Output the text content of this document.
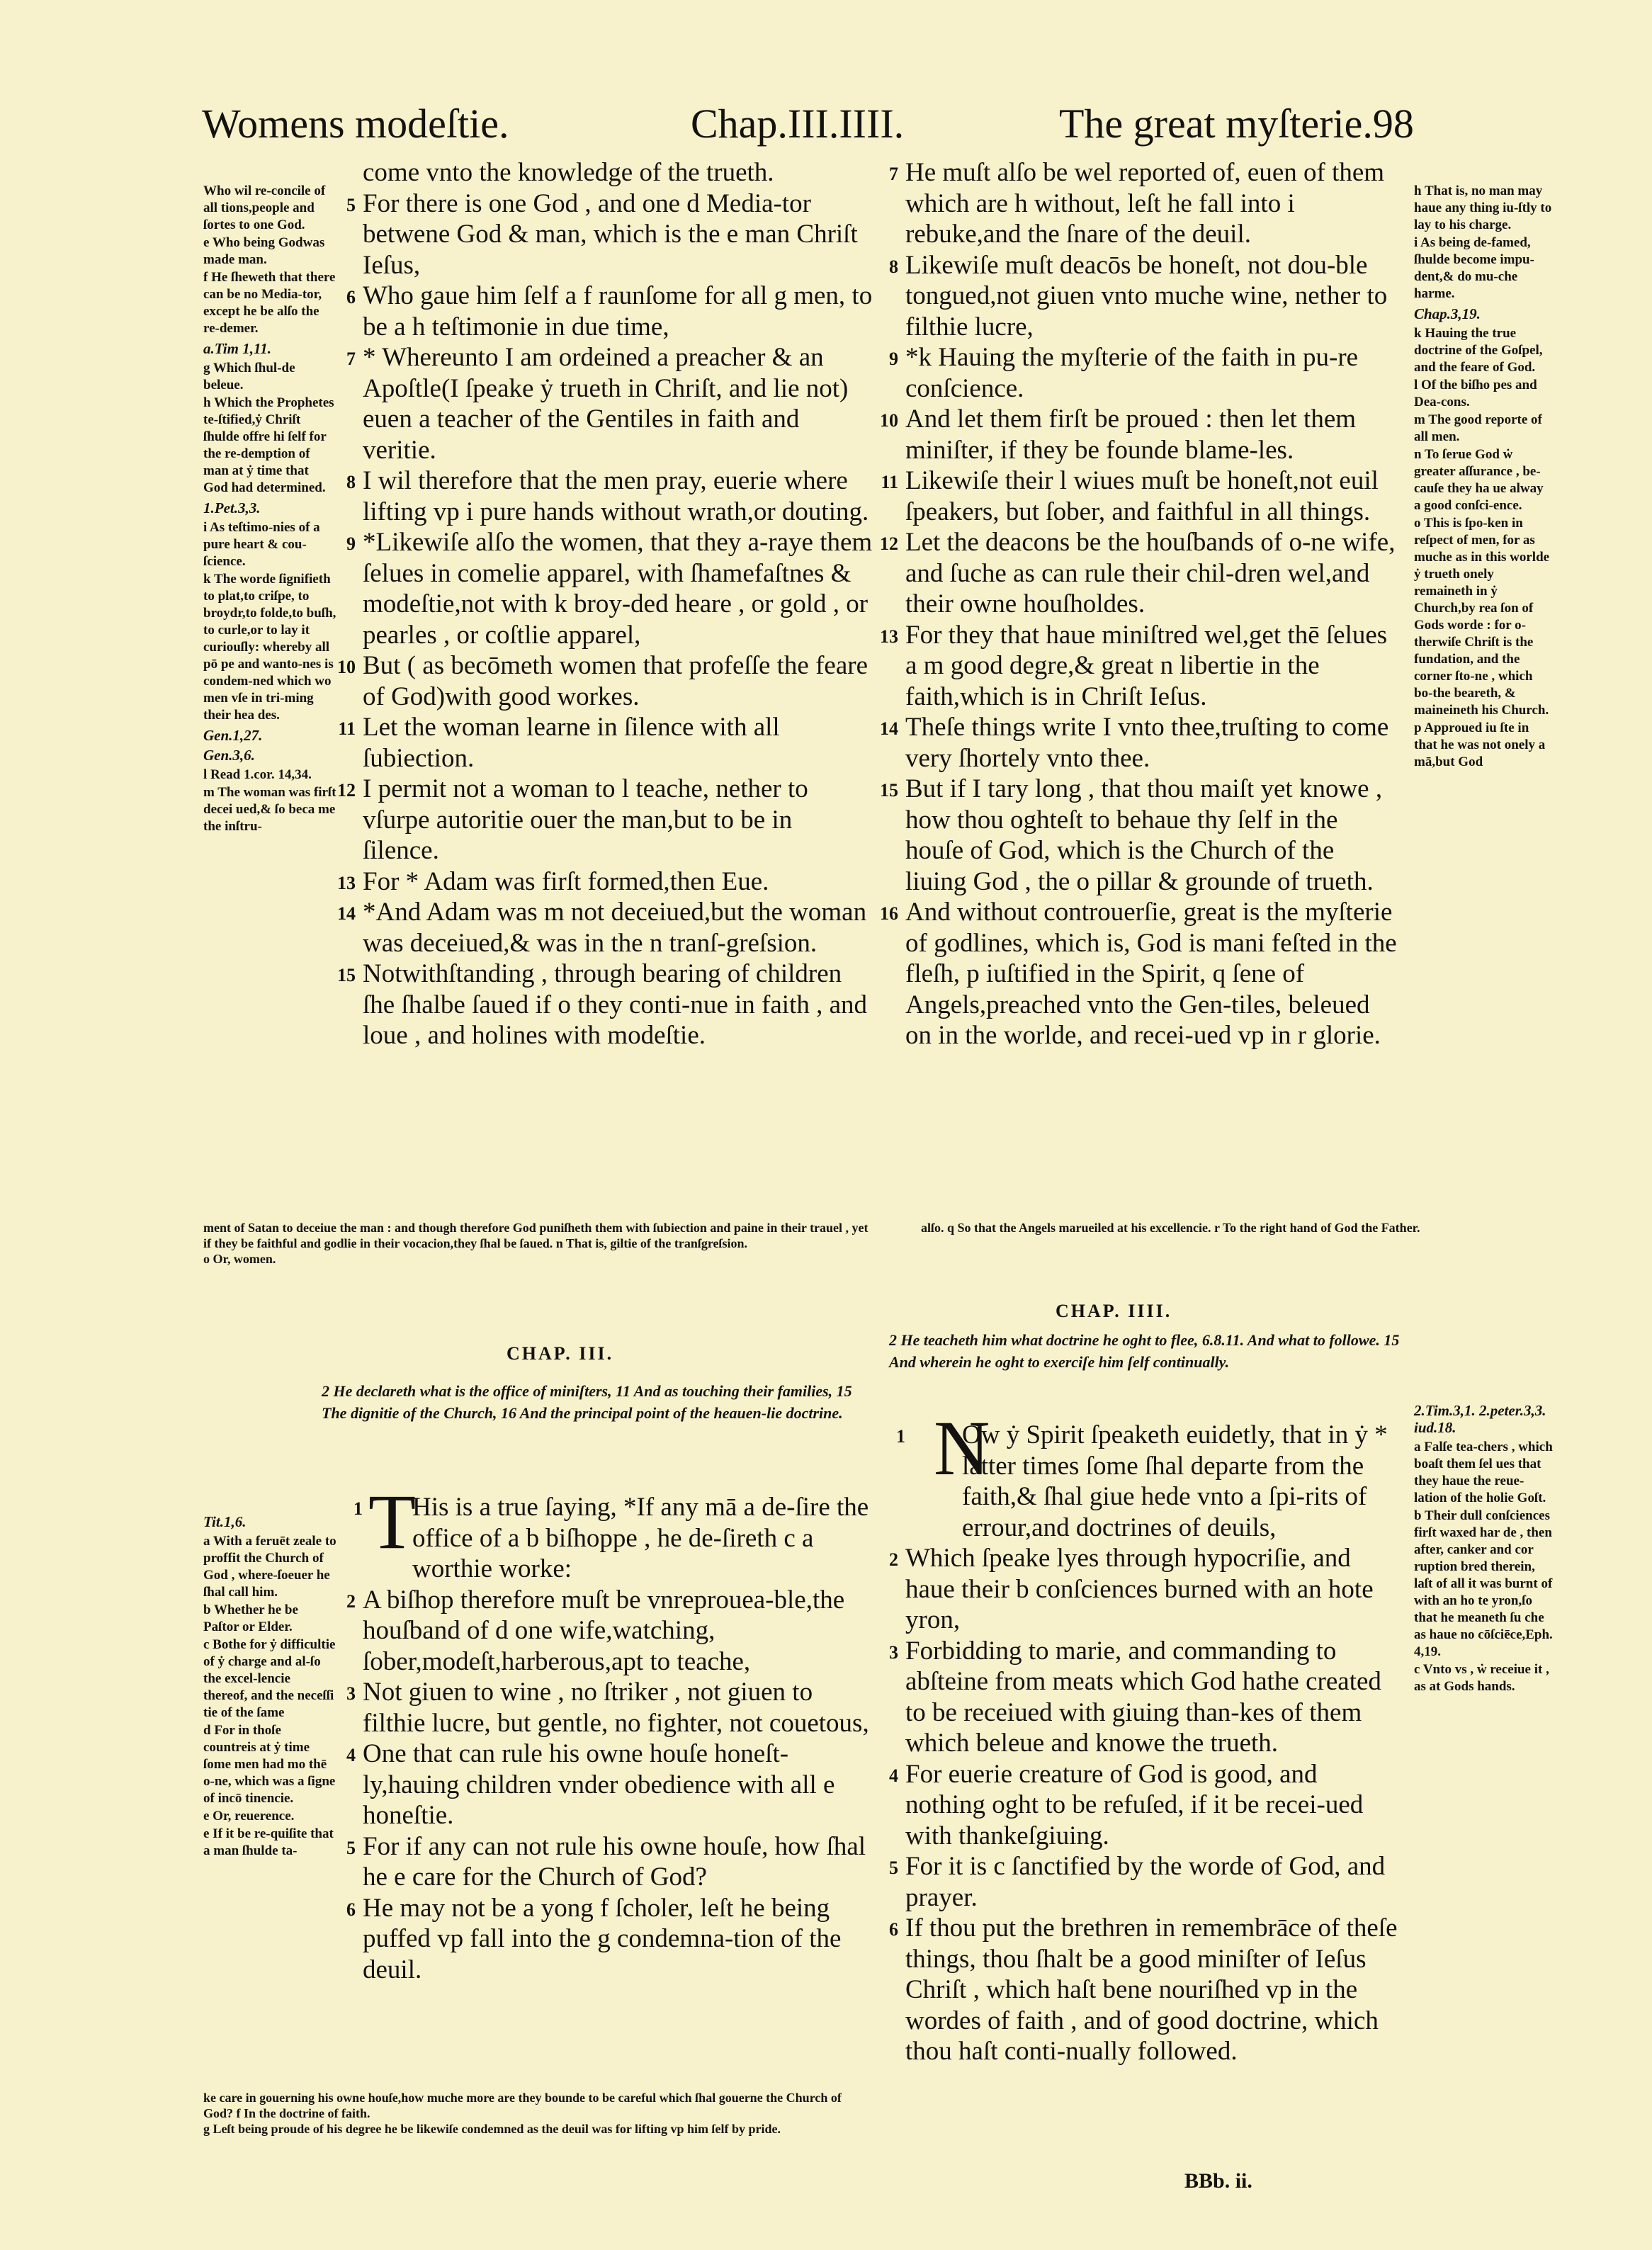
Womens modeſtie.	Chap.III.IIII.	The great myſterie.98

Who wil re-concile of all tions,people and ſortes to one God.

e Who being Godwas made man.

f He ſheweth that there can be no Media-tor, except he be alſo the re-demer.

a.Tim 1,11.

g Which ſhul-de beleue.

h Which the Prophetes te-ſtified,ẏ Chriſt ſhulde offre hi ſelf for the re-demption of man at ẏ time that God had determined.

1.Pet.3,3.

i As teſtimo-nies of a pure heart & cou-ſcience.

k The worde ſignifieth to plat,to criſpe, to broydr,to folde,to buſh, to curle,or to lay it curiouſly: whereby all pō pe and wanto-nes is condem-ned which wo men vſe in tri-ming their hea des.

Gen.1,27.

Gen.3,6.

l Read 1.cor. 14,34.

m The woman was firſt decei ued,& ſo beca me the inſtru-

come vnto the knowledge of the trueth.

5 For there is one God , and one d Media-tor betwene God & man, which is the e man Chriſt Ieſus,

6 Who gaue him ſelf a f raunſome for all g men, to be a h teſtimonie in due time,

7 * Whereunto I am ordeined a preacher & an Apoſtle(I ſpeake ẏ trueth in Chriſt, and lie not) euen a teacher of the Gentiles in faith and veritie.

8 I wil therefore that the men pray, euerie where lifting vp i pure hands without wrath,or douting.

9 *Likewiſe alſo the women, that they a-raye them ſelues in comelie apparel, with ſhamefaſtnes & modeſtie,not with k broy-ded heare , or gold , or pearles , or coſtlie apparel,

10 But ( as becōmeth women that profeſſe the feare of God)with good workes.

11 Let the woman learne in ſilence with all ſubiection.

12 I permit not a woman to l teache, nether to vſurpe autoritie ouer the man,but to be in ſilence.

13 For * Adam was firſt formed,then Eue.

14 *And Adam was m not deceiued,but the woman was deceiued,& was in the n tranſ-greſsion.

15 Notwithſtanding , through bearing of children ſhe ſhalbe ſaued if o they conti-nue in faith , and loue , and holines with modeſtie.

ment of Satan to deceiue the man : and though therefore God puniſheth them with ſubiection and paine in their trauel , yet if they be faithful and godlie in their vocacion,they ſhal be ſaued. n That is, giltie of the tranſgreſsion.

o Or, women.

7 He muſt alſo be wel reported of, euen of them which are h without, leſt he fall into i rebuke,and the ſnare of the deuil.

8 Likewiſe muſt deacōs be honeſt, not dou-ble tongued,not giuen vnto muche wine, nether to filthie lucre,

9 *k Hauing the myſterie of the faith in pu-re conſcience.

10 And let them firſt be proued : then let them miniſter, if they be founde blame-les.

11 Likewiſe their l wiues muſt be honeſt,not euil ſpeakers, but ſober, and faithful in all things.

12 Let the deacons be the houſbands of o-ne wife, and ſuche as can rule their chil-dren wel,and their owne houſholdes.

13 For they that haue miniſtred wel,get thē ſelues a m good degre,& great n libertie in the faith,which is in Chriſt Ieſus.

14 Theſe things write I vnto thee,truſting to come very ſhortely vnto thee.

15 But if I tary long , that thou maiſt yet knowe , how thou oghteſt to behaue thy ſelf in the houſe of God, which is the Church of the liuing God , the o pillar & grounde of trueth.

16 And without controuerſie, great is the myſterie of godlines, which is, God is mani feſted in the fleſh, p iuſtified in the Spirit, q ſene of Angels,preached vnto the Gen-tiles, beleued on in the worlde, and recei-ued vp in r glorie.

h That is, no man may haue any thing iu-ſtly to lay to his charge.

i As being de-famed, ſhulde become impu-dent,& do mu-che harme.

Chap.3,19.

k Hauing the true doctrine of the Goſpel, and the feare of God.

l Of the biſho pes and Dea-cons.

m The good reporte of all men.

n To ſerue God ẇ greater aſſurance , be-cauſe they ha ue alway a good conſci-ence.

o This is ſpo-ken in reſpect of men, for as muche as in this worlde ẏ trueth onely remaineth in ẏ Church,by rea ſon of Gods worde : for o-therwiſe Chriſt is the fundation, and the corner ſto-ne , which bo-the beareth, & maineineth his Church.

p Approued iu ſte in that he was not onely a mā,but God

alſo. q So that the Angels marueiled at his excellencie. r To the right hand of God the Father.

CHAP. III.
2 He declareth what is the office of miniſters, 11 And as touching their families, 15 The dignitie of the Church, 16 And the principal point of the heauen-lie doctrine.

Tit.1,6.

a With a feruēt zeale to proffit the Church of God , where-ſoeuer he ſhal call him.

b Whether he be Paſtor or Elder.

c Bothe for ẏ difficultie of ẏ charge and al-ſo the excel-lencie thereof, and the neceſſi tie of the ſame

d For in thoſe countreis at ẏ time ſome men had mo thē o-ne, which was a ſigne of incō tinencie.

e Or, reuerence.

e If it be re-quiſite that a man ſhulde ta-

T

1 His is a true ſaying, *If any mā a de-ſire the office of a b biſhoppe , he de-ſireth c a worthie worke:

2 A biſhop therefore muſt be vnreprouea-ble,the houſband of d one wife,watching, ſober,modeſt,harberous,apt to teache,

3 Not giuen to wine , no ſtriker , not giuen to filthie lucre, but gentle, no fighter, not couetous,

4 One that can rule his owne houſe honeſt-ly,hauing children vnder obedience with all e honeſtie.

5 For if any can not rule his owne houſe, how ſhal he e care for the Church of God?

6 He may not be a yong f ſcholer, leſt he being puffed vp fall into the g condemna-tion of the deuil.

ke care in gouerning his owne houſe,how muche more are they bounde to be careful which ſhal gouerne the Church of God? f In the doctrine of faith.

g Leſt being proude of his degree he be likewiſe condemned as the deuil was for lifting vp him ſelf by pride.

CHAP. IIII.
2 He teacheth him what doctrine he oght to flee, 6.8.11. And what to followe. 15 And wherein he oght to exerciſe him ſelf continually.
N

1 Ow ẏ Spirit ſpeaketh euidetly, that in ẏ * latter times ſome ſhal departe from the faith,& ſhal giue hede vnto a ſpi-rits of errour,and doctrines of deuils,

2 Which ſpeake lyes through hypocriſie, and haue their b conſciences burned with an hote yron,

3 Forbidding to marie, and commanding to abſteine from meats which God hathe created to be receiued with giuing than-kes of them which beleue and knowe the trueth.

4 For euerie creature of God is good, and nothing oght to be refuſed, if it be recei-ued with thankeſgiuing.

5 For it is c ſanctified by the worde of God, and prayer.

6 If thou put the brethren in remembrāce of theſe things, thou ſhalt be a good miniſter of Ieſus Chriſt , which haſt bene nouriſhed vp in the wordes of faith , and of good doctrine, which thou haſt conti-nually followed.

2.Tim.3,1. 2.peter.3,3. iud.18.

a Falſe tea-chers , which boaſt them ſel ues that they haue the reue-lation of the holie Goſt.

b Their dull conſciences firſt waxed har de , then after, canker and cor ruption bred therein, laſt of all it was burnt of with an ho te yron,ſo that he meaneth ſu che as haue no cōſciēce,Eph. 4,19.

c Vnto vs , ẇ receiue it , as at Gods hands.

BBb. ii.
